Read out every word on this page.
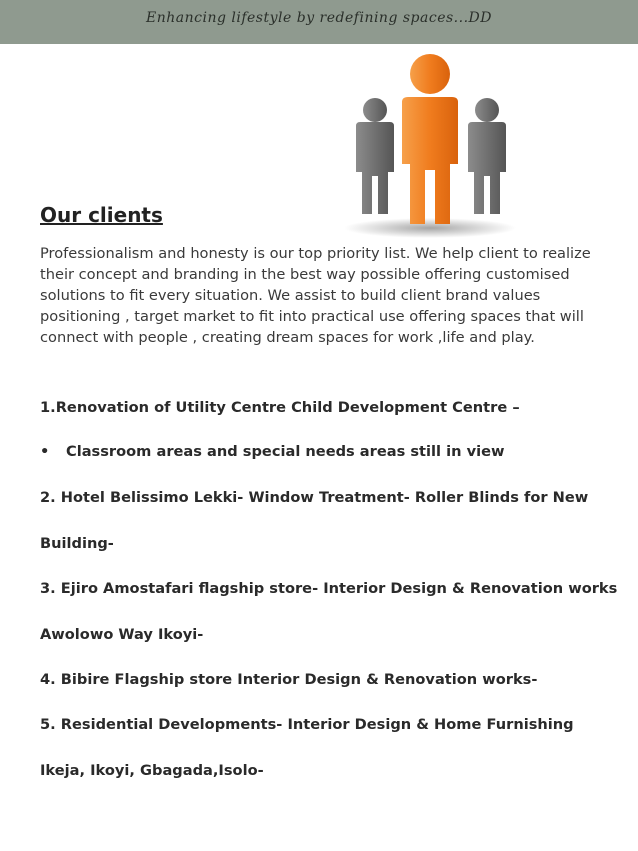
Enhancing lifestyle by redefining spaces...DD
Our clients

Professionalism and honesty is our top priority list. We help client to realize their concept and branding in the best way possible offering customised solutions to fit every situation. We assist to build client brand values positioning , target market to fit into practical use offering spaces that will connect with people , creating dream spaces for work ,life and play.

1.Renovation of Utility Centre Child Development Centre –

• Classroom areas and special needs areas still in view

2. Hotel Belissimo Lekki- Window Treatment- Roller Blinds for New

Building-

3. Ejiro Amostafari flagship store- Interior Design & Renovation works

Awolowo Way Ikoyi-

4. Bibire Flagship store Interior Design & Renovation works-

5. Residential Developments- Interior Design & Home Furnishing

Ikeja, Ikoyi, Gbagada,Isolo-
